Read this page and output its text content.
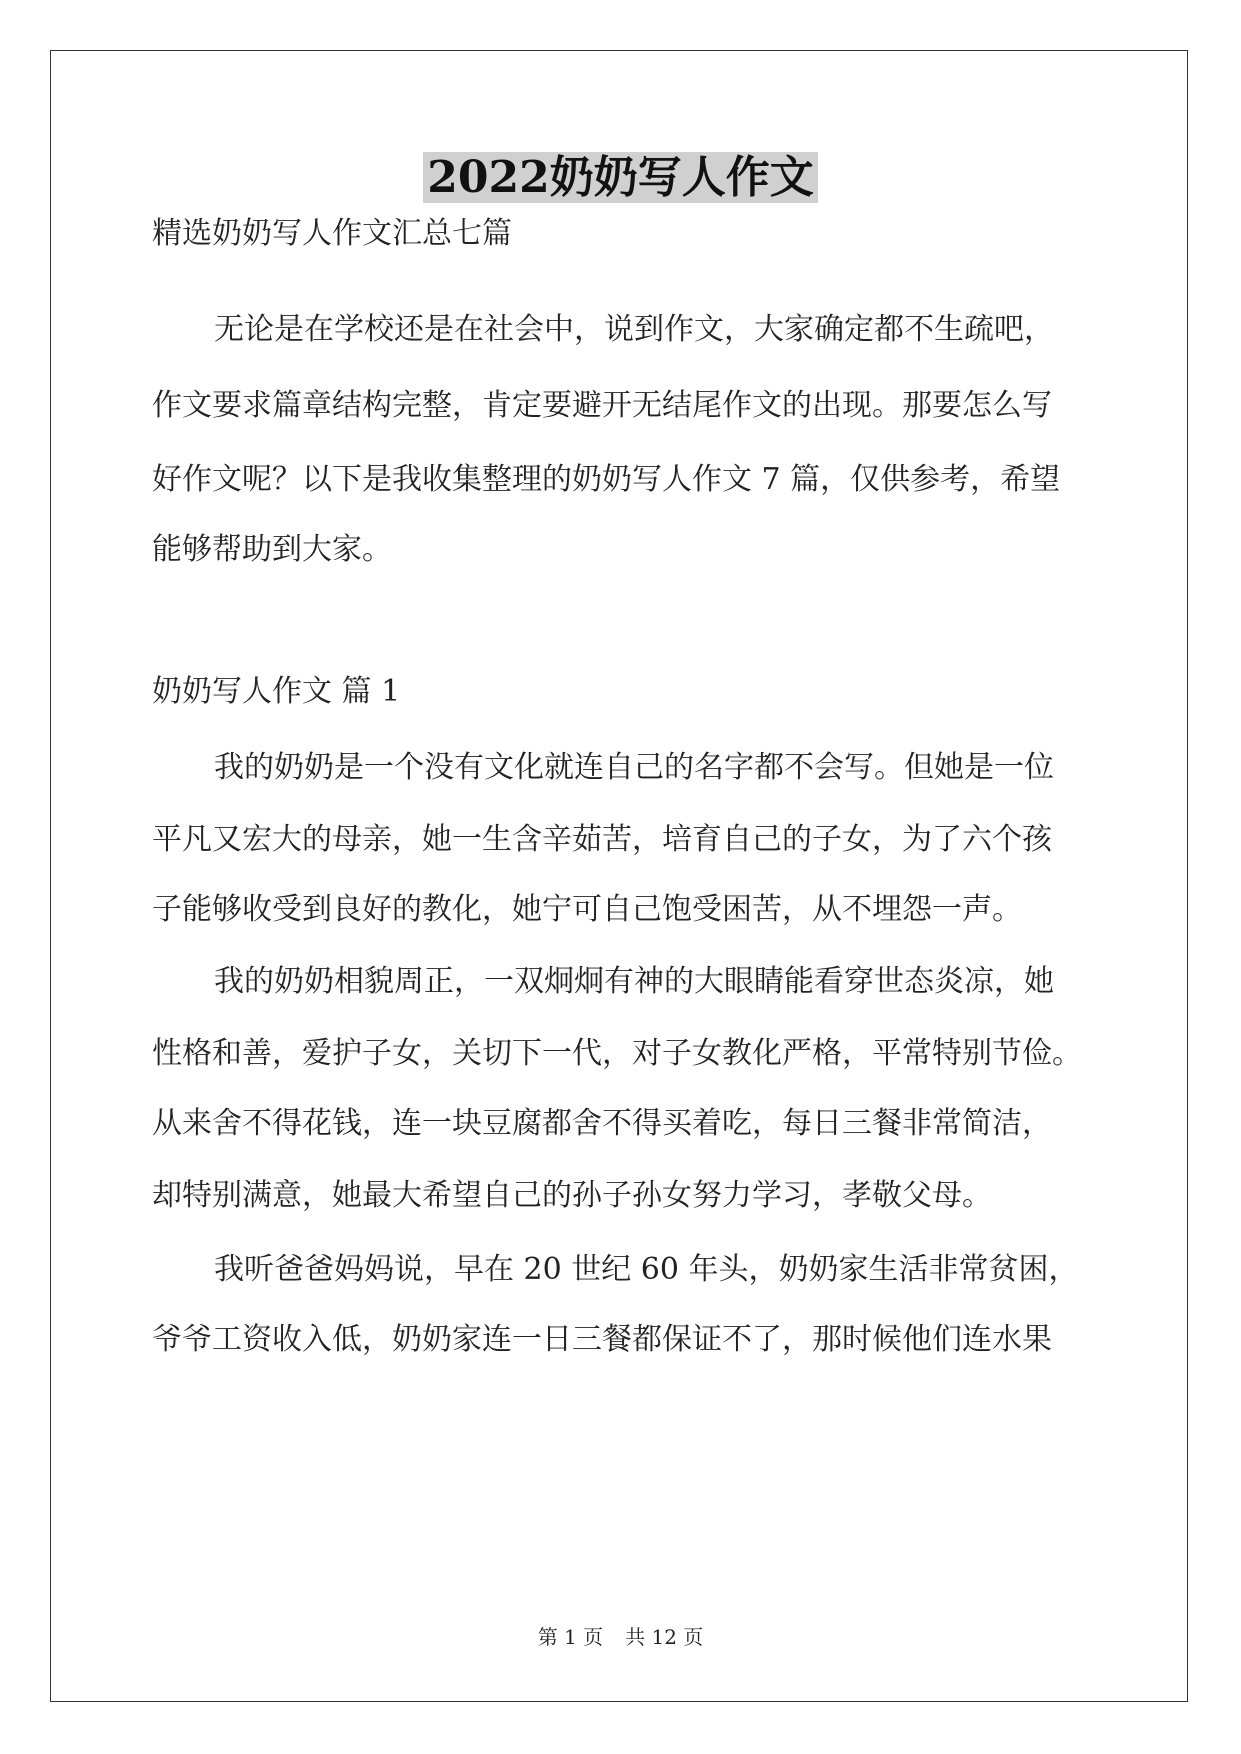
2022奶奶写人作文
精选奶奶写人作文汇总七篇
无论是在学校还是在社会中，说到作文，大家确定都不生疏吧，
作文要求篇章结构完整，肯定要避开无结尾作文的出现。那要怎么写
好作文呢？以下是我收集整理的奶奶写人作文 7 篇，仅供参考，希望
能够帮助到大家。
奶奶写人作文 篇 1
我的奶奶是一个没有文化就连自己的名字都不会写。但她是一位
平凡又宏大的母亲，她一生含辛茹苦，培育自己的子女，为了六个孩
子能够收受到良好的教化，她宁可自己饱受困苦，从不埋怨一声。
我的奶奶相貌周正，一双炯炯有神的大眼睛能看穿世态炎凉，她
性格和善，爱护子女，关切下一代，对子女教化严格，平常特别节俭。
从来舍不得花钱，连一块豆腐都舍不得买着吃，每日三餐非常简洁，
却特别满意，她最大希望自己的孙子孙女努力学习，孝敬父母。
我听爸爸妈妈说，早在 20 世纪 60 年头，奶奶家生活非常贫困，
爷爷工资收入低，奶奶家连一日三餐都保证不了，那时候他们连水果
第 1 页 共 12 页
